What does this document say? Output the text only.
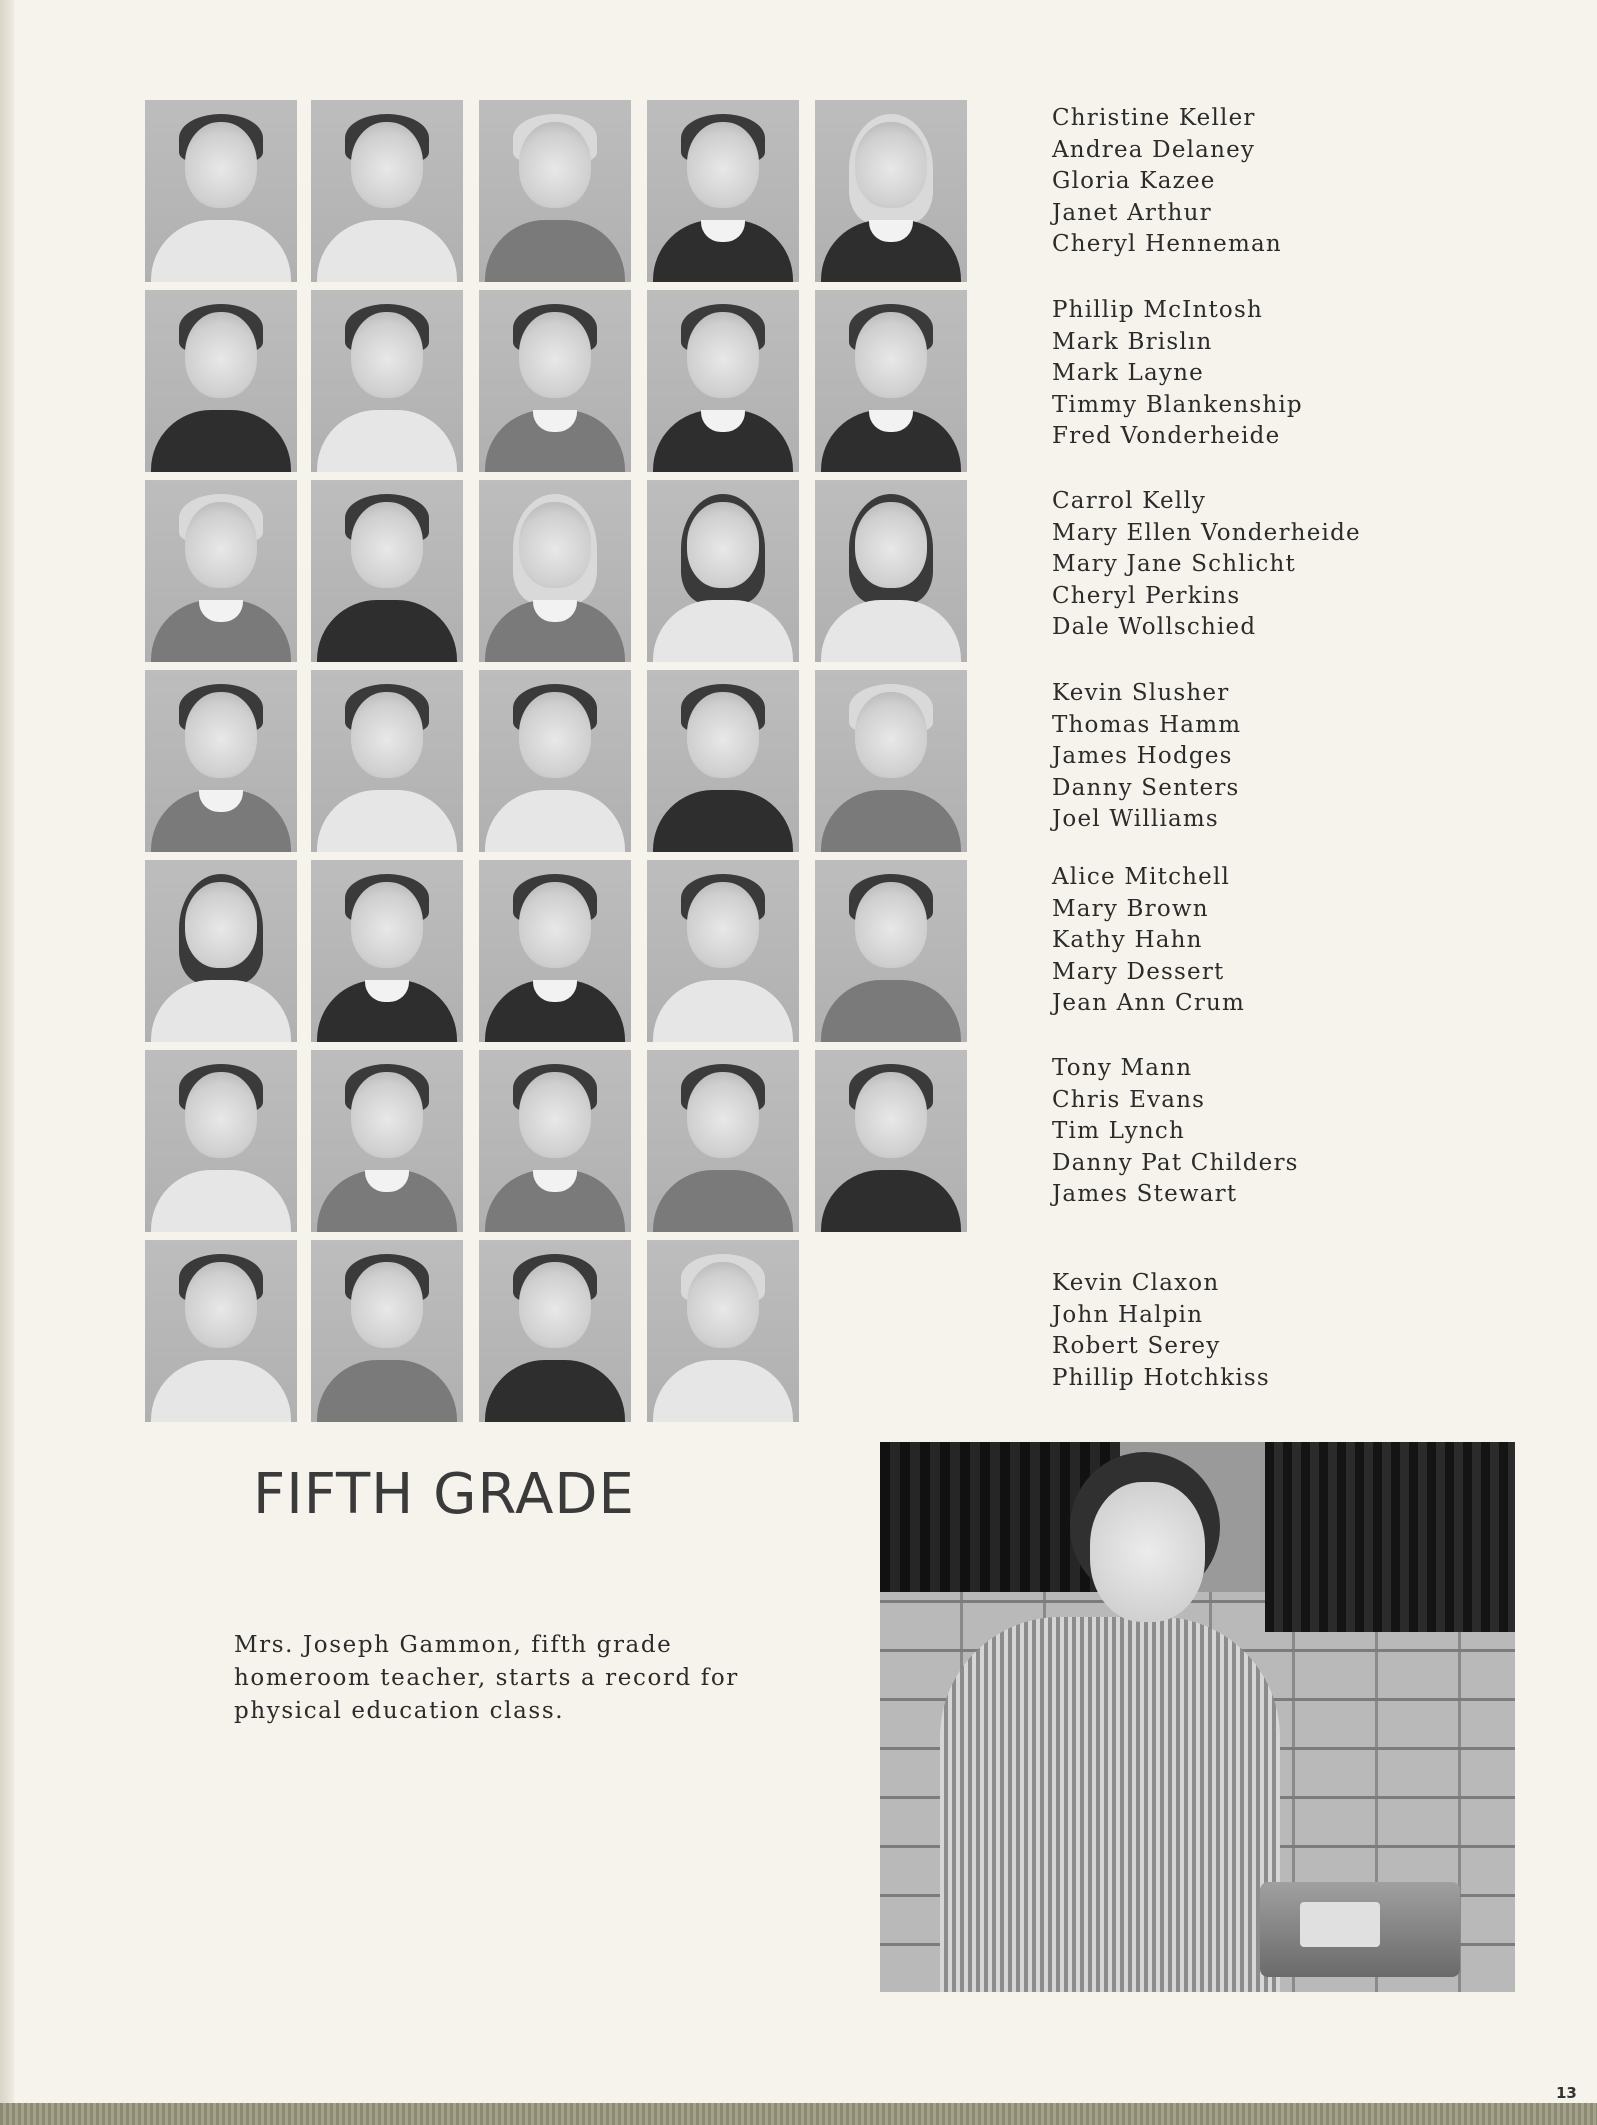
Christine Keller
Andrea Delaney
Gloria Kazee
Janet Arthur
Cheryl Henneman
Phillip McIntosh
Mark Brislın
Mark Layne
Timmy Blankenship
Fred Vonderheide
Carrol Kelly
Mary Ellen Vonderheide
Mary Jane Schlicht
Cheryl Perkins
Dale Wollschied
Kevin Slusher
Thomas Hamm
James Hodges
Danny Senters
Joel Williams
Alice Mitchell
Mary Brown
Kathy Hahn
Mary Dessert
Jean Ann Crum
Tony Mann
Chris Evans
Tim Lynch
Danny Pat Childers
James Stewart
Kevin Claxon
John Halpin
Robert Serey
Phillip Hotchkiss
FIFTH GRADE
Mrs. Joseph Gammon, fifth grade homeroom teacher, starts a record for physical education class.
13
